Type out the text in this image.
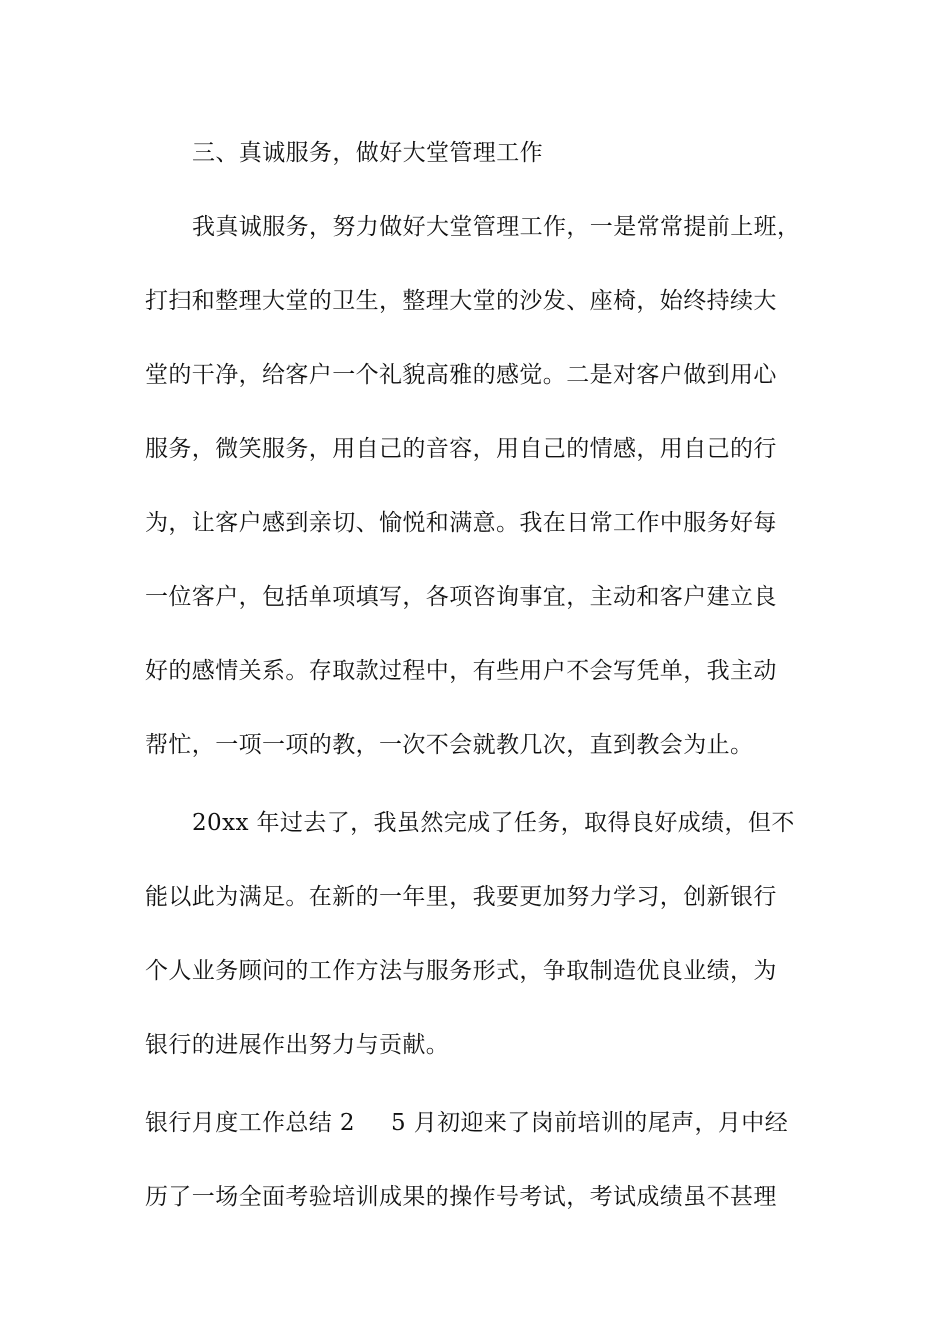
三、真诚服务，做好大堂管理工作
我真诚服务，努力做好大堂管理工作，一是常常提前上班，
打扫和整理大堂的卫生，整理大堂的沙发、座椅，始终持续大
堂的干净，给客户一个礼貌高雅的感觉。二是对客户做到用心
服务，微笑服务，用自己的音容，用自己的情感，用自己的行
为，让客户感到亲切、愉悦和满意。我在日常工作中服务好每
一位客户，包括单项填写，各项咨询事宜，主动和客户建立良
好的感情关系。存取款过程中，有些用户不会写凭单，我主动
帮忙，一项一项的教，一次不会就教几次，直到教会为止。
20xx 年过去了，我虽然完成了任务，取得良好成绩，但不
能以此为满足。在新的一年里，我要更加努力学习，创新银行
个人业务顾问的工作方法与服务形式，争取制造优良业绩，为
银行的进展作出努力与贡献。
银行月度工作总结 2 5 月初迎来了岗前培训的尾声，月中经
历了一场全面考验培训成果的操作号考试，考试成绩虽不甚理
